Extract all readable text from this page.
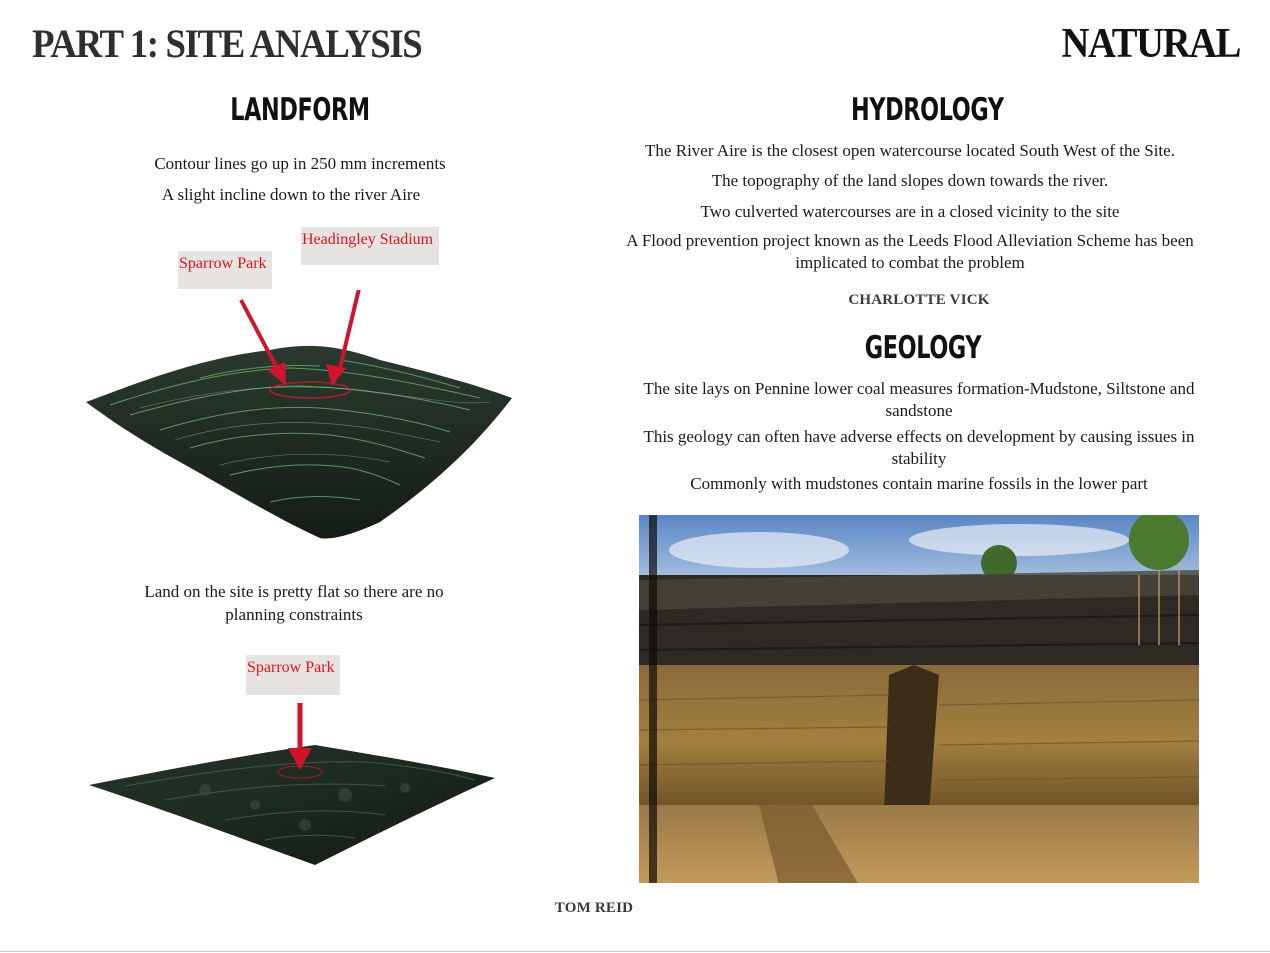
PART 1: SITE ANALYSIS	NATURAL
LANDFORM
Contour lines go up in 250 mm increments
A slight incline down to the river Aire
Sparrow Park
Headingley Stadium
Land on the site is pretty flat so there are no planning constraints
Sparrow Park
TOM REID
HYDROLOGY
The River Aire is the closest open watercourse located South West of the Site.
The topography of the land slopes down towards the river.
Two culverted watercourses are in a closed vicinity to the site
A Flood prevention project known as the Leeds Flood Alleviation Scheme has been implicated to combat the problem
CHARLOTTE VICK
GEOLOGY
The site lays on Pennine lower coal measures formation-Mudstone, Siltstone and sandstone
This geology can often have adverse effects on development by causing issues in stability
Commonly with mudstones contain marine fossils in the lower part
